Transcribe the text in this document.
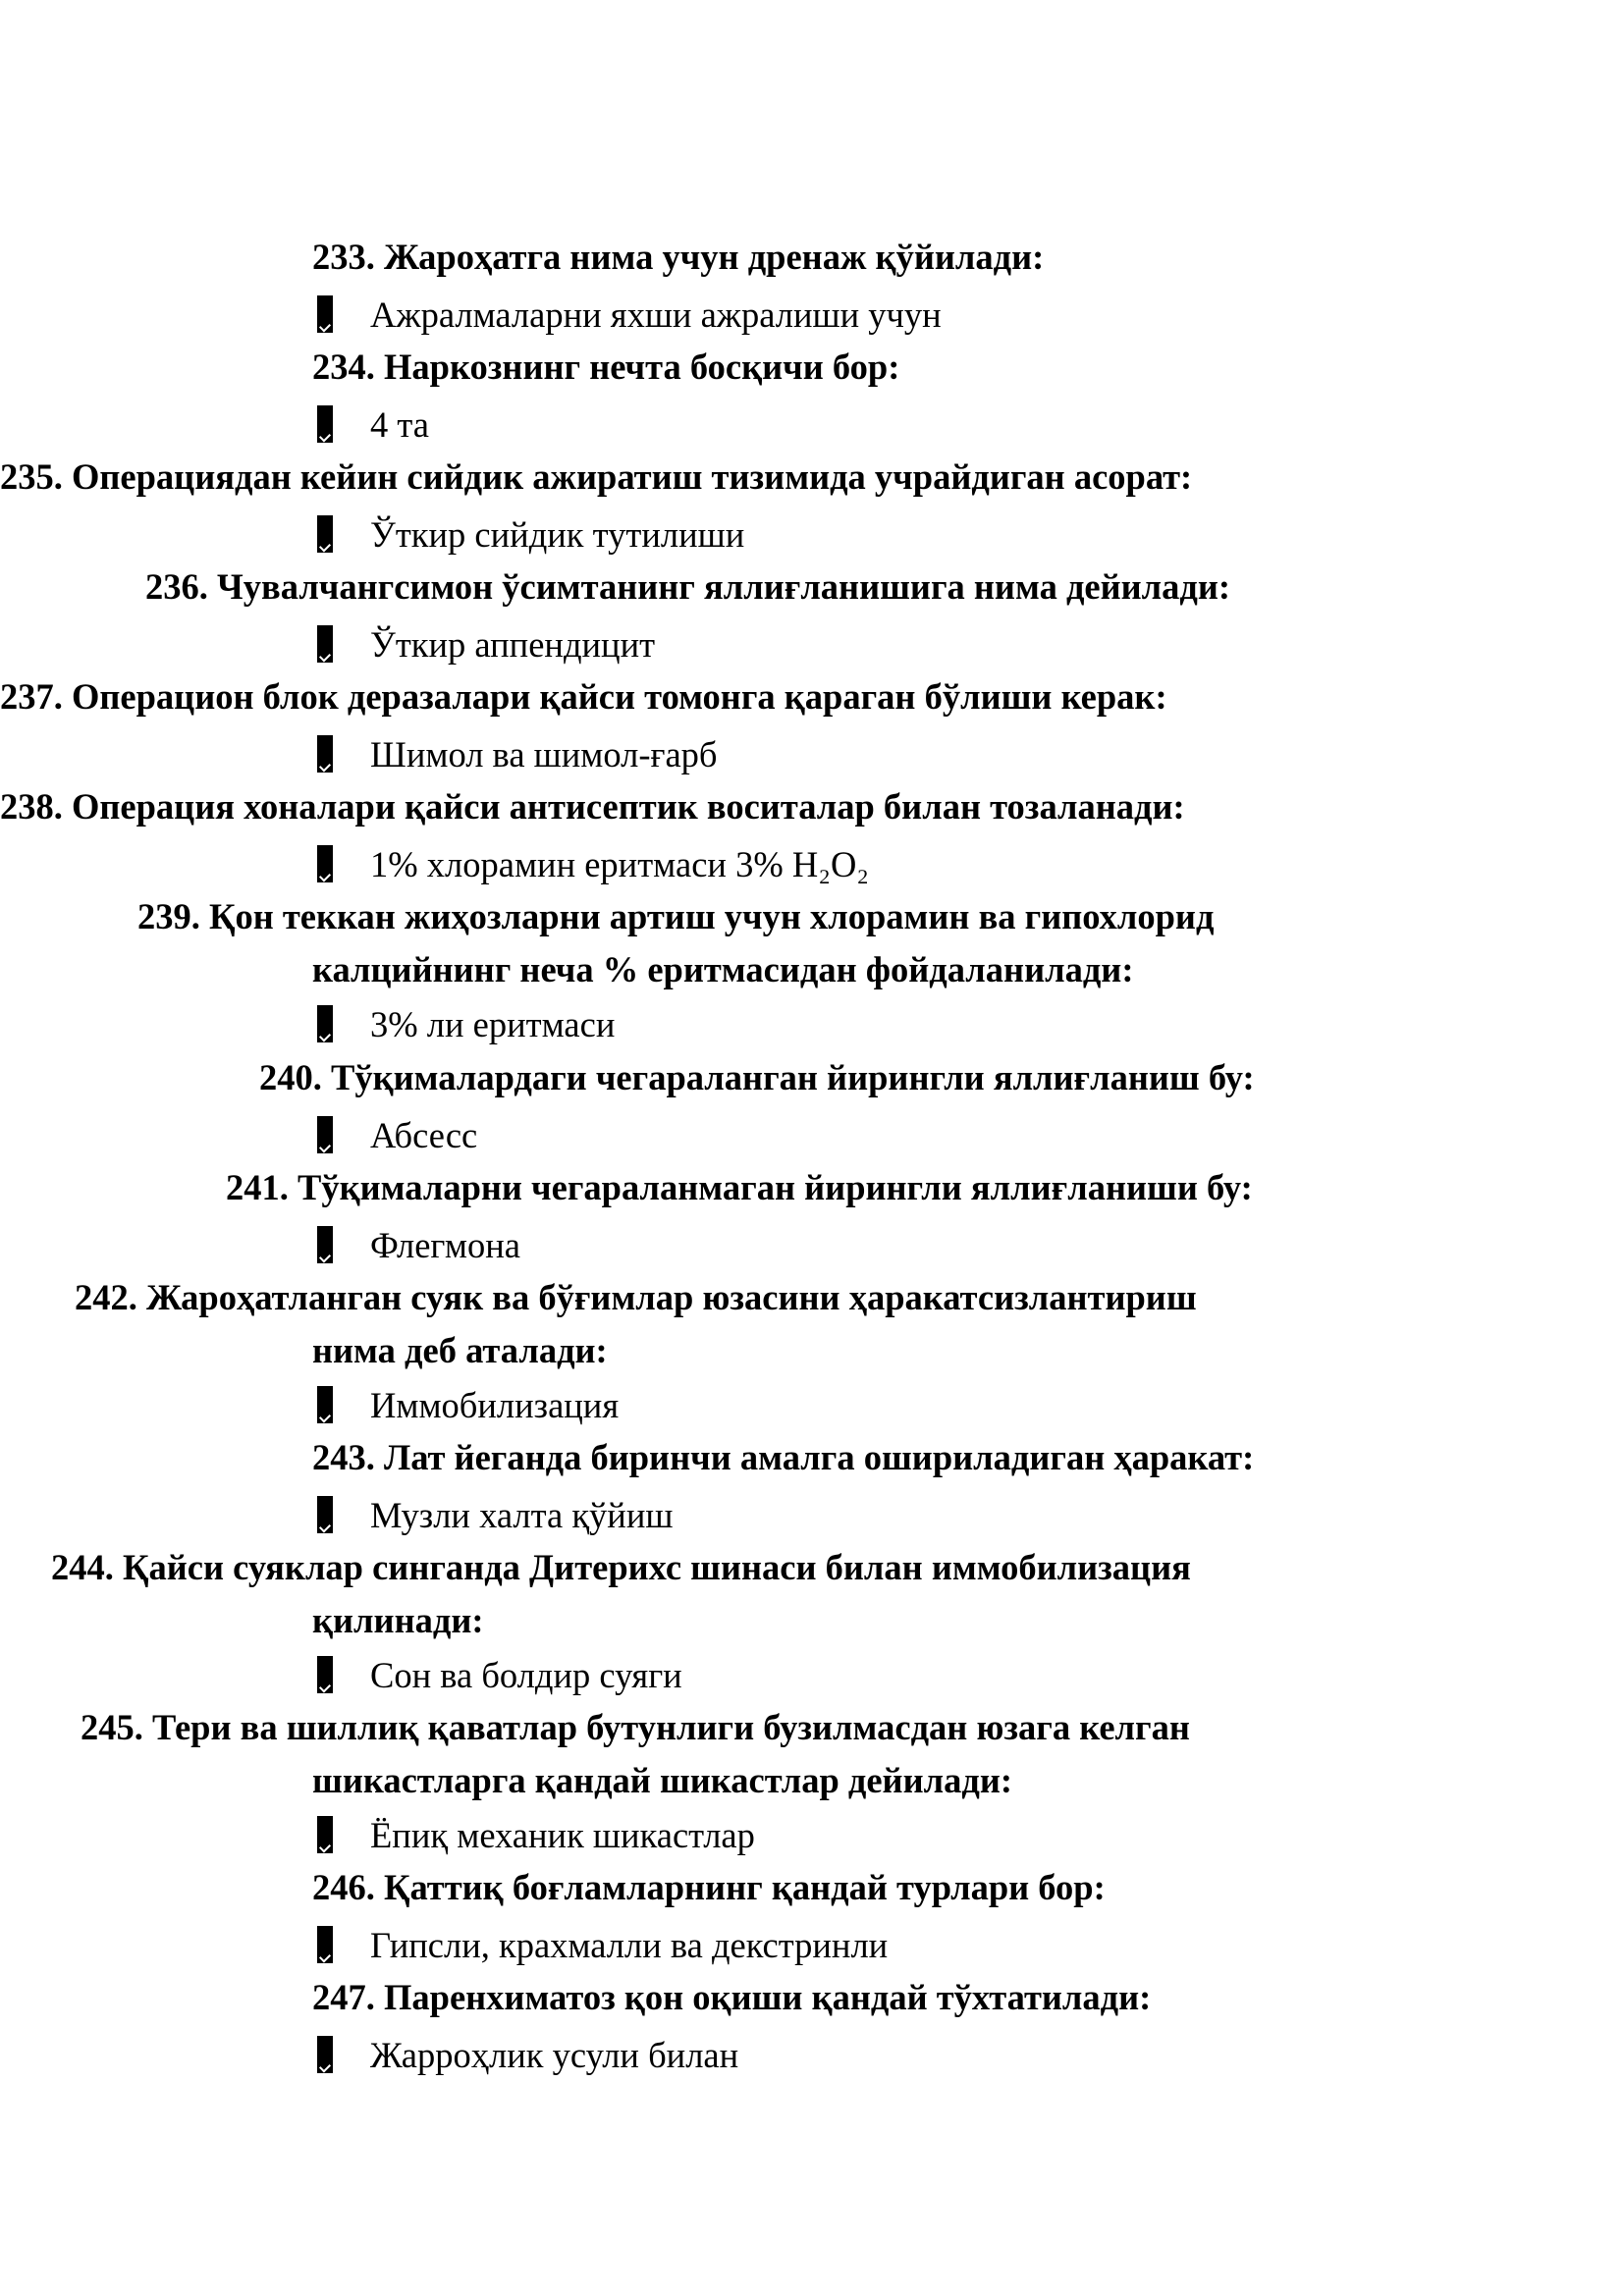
233. Жароҳатга нима учун дренаж қўйилади:
Ажралмаларни яхши ажралиши учун
234. Наркознинг нечта босқичи бор:
4 та
235. Операциядан кейин сийдик ажиратиш тизимида учрайдиган асорат:
Ўткир сийдик тутилиши
236. Чувалчангсимон ўсимтанинг яллиғланишига нима дейилади:
Ўткир аппендицит
237. Операцион блок деразалари қайси томонга қараган бўлиши керак:
Шимол ва шимол-ғарб
238. Операция хоналари қайси антисептик воситалар билан тозаланади:
1% хлорамин еритмаси 3% H₂O₂
239. Қон теккан жиҳозларни артиш учун хлорамин ва гипохлорид
калцийнинг неча % еритмасидан фойдаланилади:
3% ли еритмаси
240. Тўқималардаги чегараланган йирингли яллиғланиш бу:
Абсесс
241. Тўқималарни чегараланмаган йирингли яллиғланиши бу:
Флегмона
242. Жароҳатланган суяк ва бўғимлар юзасини ҳаракатсизлантириш
нима деб аталади:
Иммобилизация
243. Лат йеганда биринчи амалга ошириладиган ҳаракат:
Музли халта қўйиш
244. Қайси суяклар синганда Дитерихс шинаси билан иммобилизация
қилинади:
Сон ва болдир суяги
245. Тери ва шиллиқ қаватлар бутунлиги бузилмасдан юзага келган
шикастларга қандай шикастлар дейилади:
Ёпиқ механик шикастлар
246. Қаттиқ боғламларнинг қандай турлари бор:
Гипсли, крахмалли ва декстринли
247. Паренхиматоз қон оқиши қандай тўхтатилади:
Жарроҳлик усули билан
